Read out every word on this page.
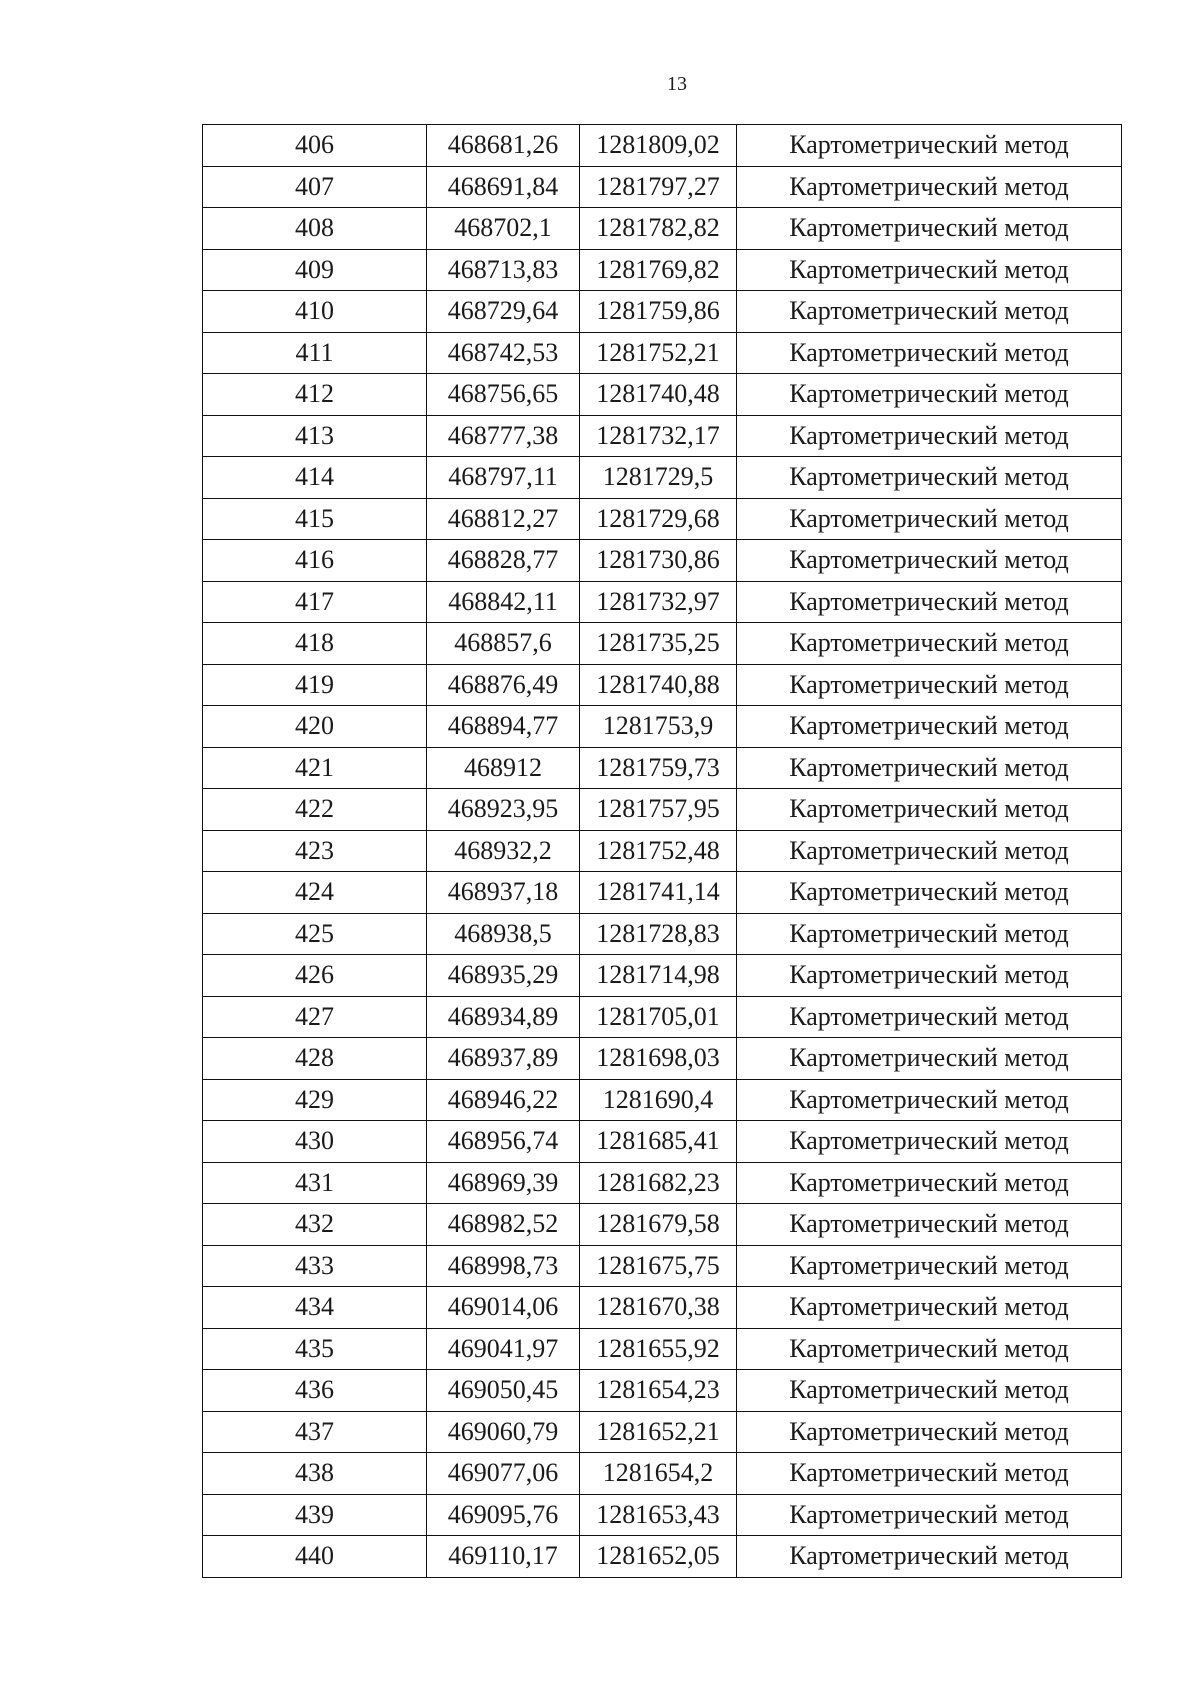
13
406	468681,26	1281809,02	Картометрический метод
407	468691,84	1281797,27	Картометрический метод
408	468702,1	1281782,82	Картометрический метод
409	468713,83	1281769,82	Картометрический метод
410	468729,64	1281759,86	Картометрический метод
411	468742,53	1281752,21	Картометрический метод
412	468756,65	1281740,48	Картометрический метод
413	468777,38	1281732,17	Картометрический метод
414	468797,11	1281729,5	Картометрический метод
415	468812,27	1281729,68	Картометрический метод
416	468828,77	1281730,86	Картометрический метод
417	468842,11	1281732,97	Картометрический метод
418	468857,6	1281735,25	Картометрический метод
419	468876,49	1281740,88	Картометрический метод
420	468894,77	1281753,9	Картометрический метод
421	468912	1281759,73	Картометрический метод
422	468923,95	1281757,95	Картометрический метод
423	468932,2	1281752,48	Картометрический метод
424	468937,18	1281741,14	Картометрический метод
425	468938,5	1281728,83	Картометрический метод
426	468935,29	1281714,98	Картометрический метод
427	468934,89	1281705,01	Картометрический метод
428	468937,89	1281698,03	Картометрический метод
429	468946,22	1281690,4	Картометрический метод
430	468956,74	1281685,41	Картометрический метод
431	468969,39	1281682,23	Картометрический метод
432	468982,52	1281679,58	Картометрический метод
433	468998,73	1281675,75	Картометрический метод
434	469014,06	1281670,38	Картометрический метод
435	469041,97	1281655,92	Картометрический метод
436	469050,45	1281654,23	Картометрический метод
437	469060,79	1281652,21	Картометрический метод
438	469077,06	1281654,2	Картометрический метод
439	469095,76	1281653,43	Картометрический метод
440	469110,17	1281652,05	Картометрический метод
